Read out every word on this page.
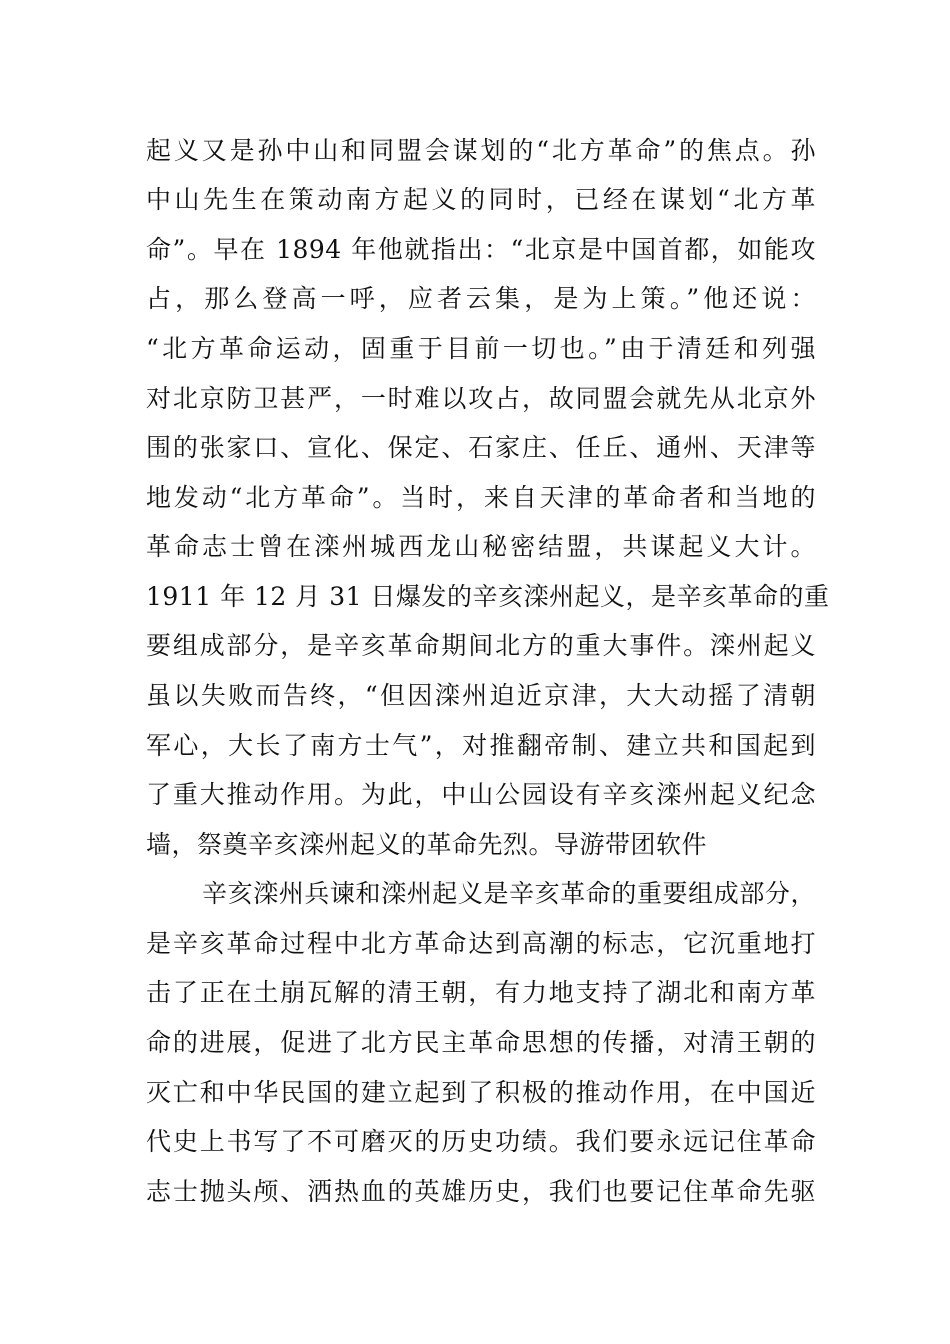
起义又是孙中山和同盟会谋划的“北方革命”的焦点。孙
中山先生在策动南方起义的同时，已经在谋划“北方革
命”。早在 1894 年他就指出：“北京是中国首都，如能攻
占，那么登高一呼，应者云集，是为上策。”他还说：
“北方革命运动，固重于目前一切也。”由于清廷和列强
对北京防卫甚严，一时难以攻占，故同盟会就先从北京外
围的张家口、宣化、保定、石家庄、任丘、通州、天津等
地发动“北方革命”。当时，来自天津的革命者和当地的
革命志士曾在滦州城西龙山秘密结盟，共谋起义大计。
1911 年 12 月 31 日爆发的辛亥滦州起义，是辛亥革命的重
要组成部分，是辛亥革命期间北方的重大事件。滦州起义
虽以失败而告终，“但因滦州迫近京津，大大动摇了清朝
军心，大长了南方士气”，对推翻帝制、建立共和国起到
了重大推动作用。为此，中山公园设有辛亥滦州起义纪念
墙，祭奠辛亥滦州起义的革命先烈。导游带团软件
辛亥滦州兵谏和滦州起义是辛亥革命的重要组成部分，
是辛亥革命过程中北方革命达到高潮的标志，它沉重地打
击了正在土崩瓦解的清王朝，有力地支持了湖北和南方革
命的进展，促进了北方民主革命思想的传播，对清王朝的
灭亡和中华民国的建立起到了积极的推动作用，在中国近
代史上书写了不可磨灭的历史功绩。我们要永远记住革命
志士抛头颅、洒热血的英雄历史，我们也要记住革命先驱
